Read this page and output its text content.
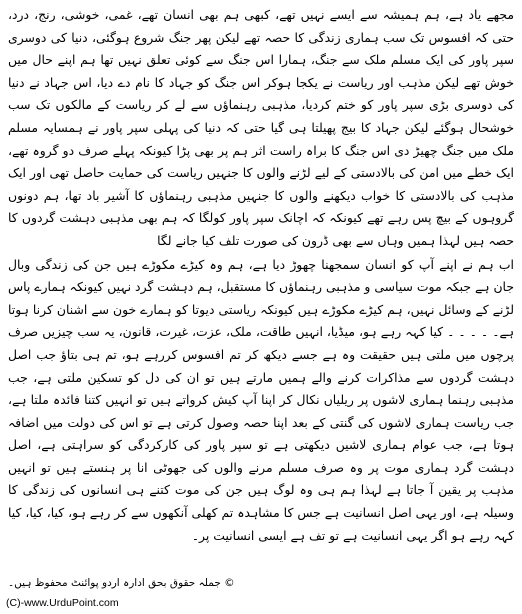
مجھے یاد ہے، ہم ہمیشہ سے ایسے نہیں تھے، کبھی ہم بھی انسان تھے، غمی، خوشی، رنج، درد، حتی کہ افسوس تک سب ہماری زندگی کا حصہ تھے لیکن پھر جنگ شروع ہوگئی، دنیا کی دوسری سپر پاور کی ایک مسلم ملک سے جنگ، ہمارا اس جنگ سے کوئی تعلق نہیں تھا ہم اپنے حال میں خوش تھے لیکن مذہب اور ریاست نے یکجا ہوکر اس جنگ کو جہاد کا نام دے دیا، اس جہاد نے دنیا کی دوسری بڑی سپر پاور کو ختم کردیا، مذہبی رہنماؤں سے لے کر ریاست کے مالکوں تک سب خوشحال ہوگئے لیکن جہاد کا بیج پھیلتا ہی گیا حتی کہ دنیا کی پہلی سپر پاور نے ہمسایہ مسلم ملک میں جنگ چھیڑ دی اس جنگ کا براہ راست اثر ہم پر بھی پڑا کیونکہ پہلے صرف دو گروہ تھے، ایک خطے میں امن کی بالادستی کے لیے لڑنے والوں کا جنہیں ریاست کی حمایت حاصل تھی اور ایک مذہب کی بالادستی کا خواب دیکھنے والوں کا جنہیں مذہبی رہنماؤں کا آشیر باد تھا، ہم دونوں گروہوں کے بیچ پس رہے تھے کیونکہ کہ اچانک سپر پاور کولگا کہ ہم بھی مذہبی دہشت گردوں کا حصہ ہیں لہذا ہمیں وہاں سے بھی ڈرون کی صورت تلف کیا جانے لگا

اب ہم نے اپنے آپ کو انسان سمجھنا چھوڑ دیا ہے، ہم وہ کیڑے مکوڑے ہیں جن کی زندگی وبال جان ہے جبکہ موت سیاسی و مذہبی رہنماؤں کا مستقبل، ہم دہشت گرد نہیں کیونکہ ہمارے پاس لڑنے کے وسائل نہیں، ہم کیڑے مکوڑے ہیں کیونکہ ریاستی دیوتا کو ہمارے خون سے اشنان کرنا ہوتا ہے۔ ۔ ۔ ۔ ۔ کیا کہہ رہے ہو، میڈیا، انہیں طاقت، ملک، عزت، غیرت، قانون، یہ سب چیزیں صرف پرچوں میں ملتی ہیں حقیقت وہ ہے جسے دیکھ کر تم افسوس کررہے ہو، تم ہی بتاؤ جب اصل دہشت گردوں سے مذاکرات کرنے والے ہمیں مارتے ہیں تو ان کی دل کو تسکین ملتی ہے، جب مذہبی رہنما ہماری لاشوں پر ریلیاں نکال کر اپنا آپ کیش کرواتے ہیں تو انہیں کتنا فائدہ ملتا ہے، جب ریاست ہماری لاشوں کی گنتی کے بعد اپنا حصہ وصول کرتی ہے تو اس کی دولت میں اضافہ ہوتا ہے، جب عوام ہماری لاشیں دیکھتی ہے تو سپر پاور کی کارکردگی کو سراہتی ہے، اصل دہشت گرد ہماری موت پر وہ صرف مسلم مرنے والوں کی جھوٹی انا پر ہنستے ہیں تو انہیں مذہب پر یقین آ جاتا ہے لہذا ہم ہی وہ لوگ ہیں جن کی موت کتنے ہی انسانوں کی زندگی کا وسیلہ ہے، اور یہی اصل انسانیت ہے جس کا مشاہدہ تم کھلی آنکھوں سے کر رہے ہو، کیا، کیا، کیا کہہ رہے ہو اگر یہی انسانیت ہے تو تف ہے ایسی انسانیت پر۔

© جملہ حقوق بحق ادارہ اردو پوائنٹ محفوظ ہیں۔
(C)-www.UrduPoint.com
